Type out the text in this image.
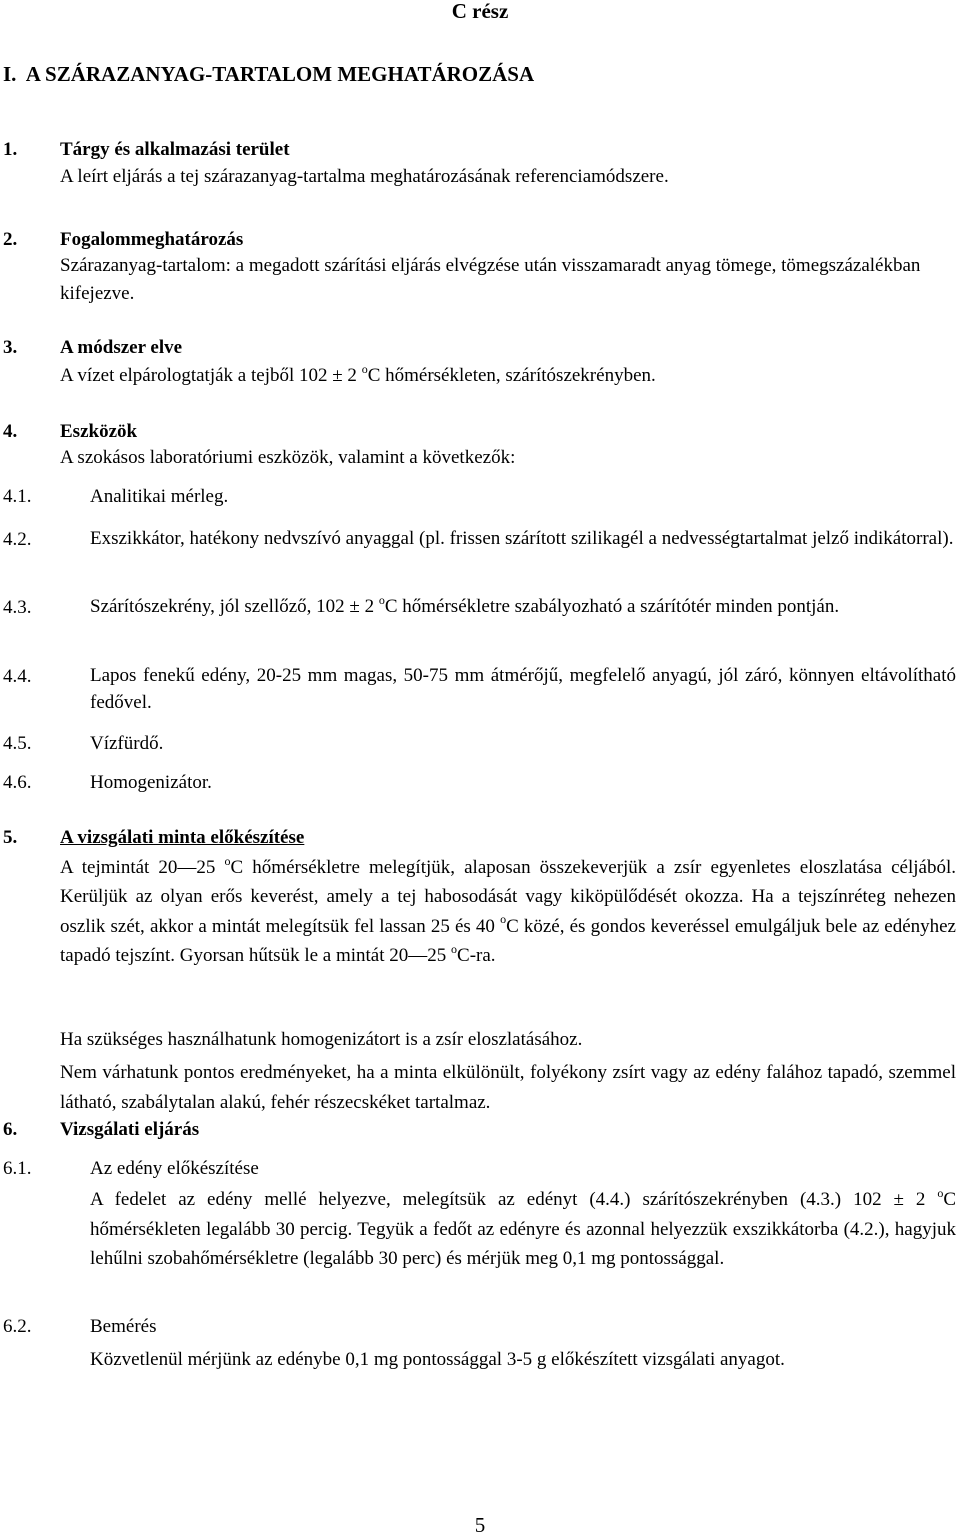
C rész
I.  A SZÁRAZANYAG-TARTALOM MEGHATÁROZÁSA
1. Tárgy és alkalmazási terület
A leírt eljárás a tej szárazanyag-tartalma meghatározásának referenciamódszere.
2. Fogalommeghatározás
Szárazanyag-tartalom: a megadott szárítási eljárás elvégzése után visszamaradt anyag tömege, tömegszázalékban kifejezve.
3. A módszer elve
A vízet elpárologtatják a tejből 102 ± 2 $^o$C hőmérsékleten, szárítószekrényben.
4. Eszközök
A szokásos laboratóriumi eszközök, valamint a következők:
4.1.	Analitikai mérleg.
4.2.	Exszikkátor, hatékony nedvszívó anyaggal (pl. frissen szárított szilikagél a nedvességtartalmat jelző indikátorral).
4.3.	Szárítószekrény, jól szellőző, 102 ± 2 $^o$C hőmérsékletre szabályozható a szárítótér minden pontján.
4.4.	Lapos fenekű edény, 20-25 mm magas, 50-75 mm átmérőjű, megfelelő anyagú, jól záró, könnyen eltávolítható fedővel.
4.5.	Vízfürdő.
4.6.	Homogenizátor.
5. A vizsgálati minta előkészítése
A tejmintát 20—25 $^o$C hőmérsékletre melegítjük, alaposan összekeverjük a zsír egyenletes eloszlatása céljából. Kerüljük az olyan erős keverést, amely a tej habosodását vagy kiköpülődését okozza. Ha a tejszínréteg nehezen oszlik szét, akkor a mintát melegítsük fel lassan 25 és 40 $^o$C közé, és gondos keveréssel emulgáljuk bele az edényhez tapadó tejszínt. Gyorsan hűtsük le a mintát 20—25 $^o$C-ra.
Ha szükséges használhatunk homogenizátort is a zsír eloszlatásához.
Nem várhatunk pontos eredményeket, ha a minta elkülönült, folyékony zsírt vagy az edény falához tapadó, szemmel látható, szabálytalan alakú, fehér részecskéket tartalmaz.
6. Vizsgálati eljárás
6.1.	Az edény előkészítése
A fedelet az edény mellé helyezve, melegítsük az edényt (4.4.) szárítószekrényben (4.3.) 102 ± 2 $^o$C hőmérsékleten legalább 30 percig. Tegyük a fedőt az edényre és azonnal helyezzük exszikkátorba (4.2.), hagyjuk lehűlni szobahőmérsékletre (legalább 30 perc) és mérjük meg 0,1 mg pontossággal.
6.2.	Bemérés
Közvetlenül mérjünk az edénybe 0,1 mg pontossággal 3-5 g előkészített vizsgálati anyagot.
5
